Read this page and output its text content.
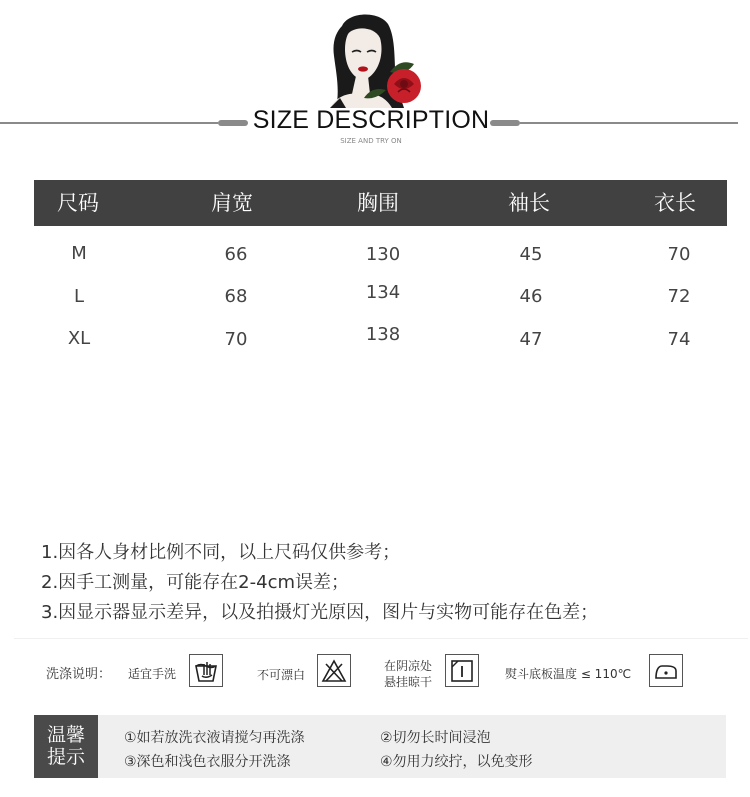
SIZE DESCRIPTION
SIZE AND TRY ON
尺码	肩宽	胸围	袖长	衣长
M	66	130	45	70
L	68	134	46	72
XL	70	138	47	74
1.因各人身材比例不同，以上尺码仅供参考；
2.因手工测量，可能存在2-4cm误差；
3.因显示器显示差异，以及拍摄灯光原因，图片与实物可能存在色差；
洗涤说明： 适宜手洗	不可漂白
在阴凉处
悬挂晾干
熨斗底板温度 ≤ 110℃
温馨
提示
①如若放洗衣液请搅匀再洗涤	②切勿长时间浸泡
③深色和浅色衣服分开洗涤	④勿用力绞拧，以免变形
